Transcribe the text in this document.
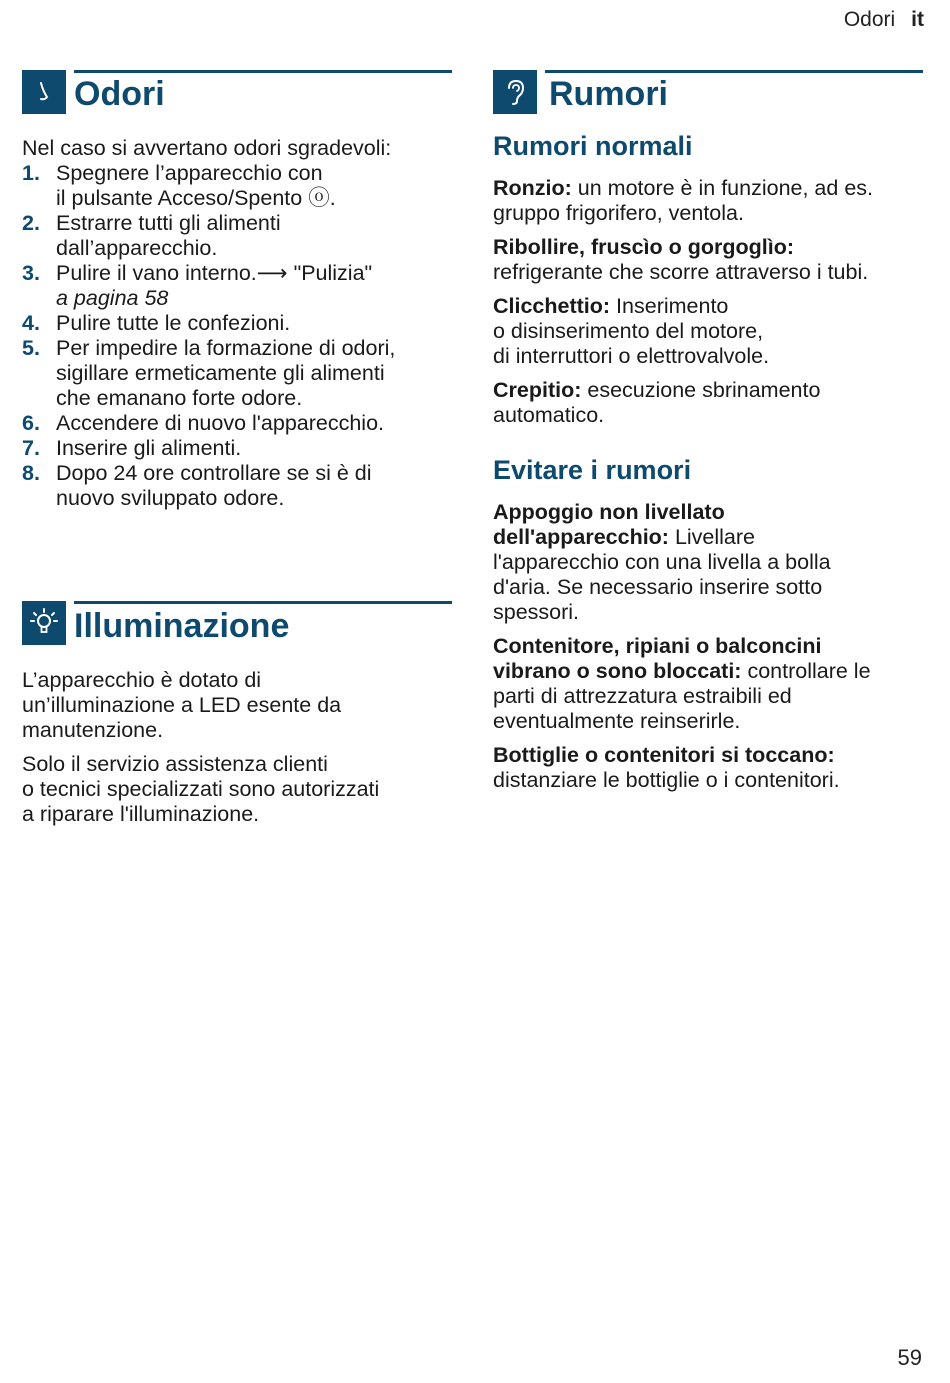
Odori it
Odori

Nel caso si avvertano odori sgradevoli:

1. Spegnere l’apparecchio con
il pulsante Acceso/Spento ⓞ.
2. Estrarre tutti gli alimenti
dall’apparecchio.
3. Pulire il vano interno.⟶ "Pulizia"
a pagina 58
4. Pulire tutte le confezioni.
5. Per impedire la formazione di odori,
sigillare ermeticamente gli alimenti
che emanano forte odore.
6. Accendere di nuovo l'apparecchio.
7. Inserire gli alimenti.
8. Dopo 24 ore controllare se si è di
nuovo sviluppato odore.
Illuminazione

L’apparecchio è dotato di
un’illuminazione a LED esente da
manutenzione.

Solo il servizio assistenza clienti
o tecnici specializzati sono autorizzati
a riparare l'illuminazione.

Rumori
Rumori normali

Ronzio: un motore è in funzione, ad es.
gruppo frigorifero, ventola.

Ribollire, fruscìo o gorgoglìo:
refrigerante che scorre attraverso i tubi.

Clicchettio: Inserimento
o disinserimento del motore,
di interruttori o elettrovalvole.

Crepitio: esecuzione sbrinamento
automatico.

Evitare i rumori

Appoggio non livellato
dell'apparecchio: Livellare
l'apparecchio con una livella a bolla
d'aria. Se necessario inserire sotto
spessori.

Contenitore, ripiani o balconcini
vibrano o sono bloccati: controllare le
parti di attrezzatura estraibili ed
eventualmente reinserirle.

Bottiglie o contenitori si toccano:
distanziare le bottiglie o i contenitori.

59
